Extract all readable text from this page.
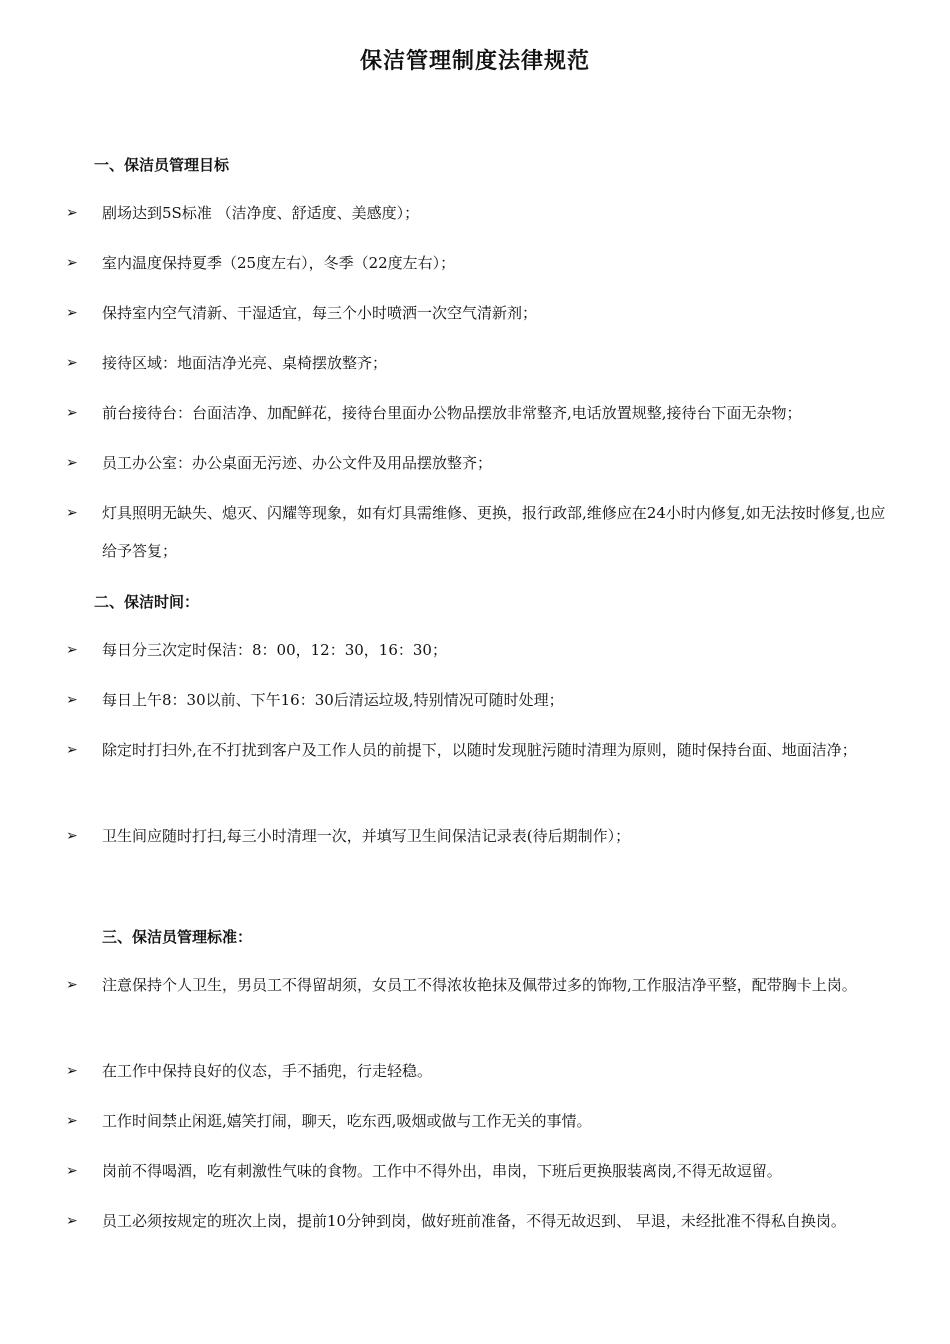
保洁管理制度法律规范
一、保洁员管理目标
➢	剧场达到5S标准 （洁净度、舒适度、美感度）；
➢	室内温度保持夏季（25度左右），冬季（22度左右）；
➢	保持室内空气清新、干湿适宜，每三个小时喷洒一次空气清新剂；
➢	接待区域：地面洁净光亮、桌椅摆放整齐；
➢	前台接待台：台面洁净、加配鲜花，接待台里面办公物品摆放非常整齐,电话放置规整,接待台下面无杂物；
➢	员工办公室：办公桌面无污迹、办公文件及用品摆放整齐；
➢	灯具照明无缺失、熄灭、闪耀等现象，如有灯具需维修、更换，报行政部,维修应在24小时内修复,如无法按时修复,也应给予答复；
二、保洁时间：
➢	每日分三次定时保洁：8：00，12：30，16：30；
➢	每日上午8：30以前、下午16：30后清运垃圾,特别情况可随时处理；
➢	除定时打扫外,在不打扰到客户及工作人员的前提下，以随时发现脏污随时清理为原则，随时保持台面、地面洁净；
➢	卫生间应随时打扫,每三小时清理一次，并填写卫生间保洁记录表(待后期制作）；
三、保洁员管理标准：
➢	注意保持个人卫生，男员工不得留胡须，女员工不得浓妆艳抹及佩带过多的饰物,工作服洁净平整，配带胸卡上岗。
➢	在工作中保持良好的仪态，手不插兜，行走轻稳。
➢	工作时间禁止闲逛,嬉笑打闹，聊天，吃东西,吸烟或做与工作无关的事情。
➢	岗前不得喝酒，吃有刺激性气味的食物。工作中不得外出，串岗，下班后更换服装离岗,不得无故逗留。
➢	员工必须按规定的班次上岗，提前10分钟到岗，做好班前准备，不得无故迟到、 早退，未经批准不得私自换岗。
